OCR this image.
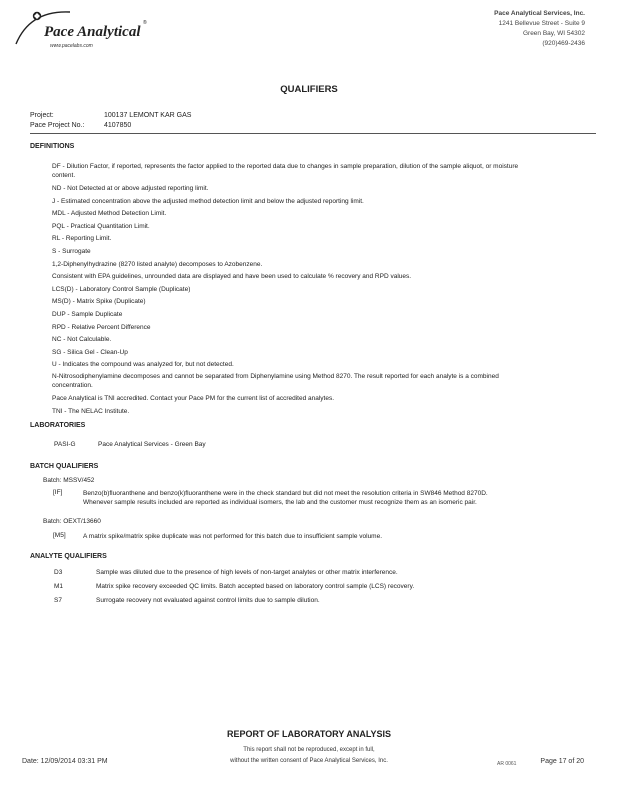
Pace Analytical
®
www.pacelabs.com
Pace Analytical Services, Inc.
1241 Bellevue Street - Suite 9
Green Bay, WI 54302
(920)469-2436
QUALIFIERS
Project:	100137 LEMONT KAR GAS
Pace Project No.:	4107850
DEFINITIONS
DF - Dilution Factor, if reported, represents the factor applied to the reported data due to changes in sample preparation, dilution of the sample aliquot, or moisture content.
ND - Not Detected at or above adjusted reporting limit.
J - Estimated concentration above the adjusted method detection limit and below the adjusted reporting limit.
MDL - Adjusted Method Detection Limit.
PQL - Practical Quantitation Limit.
RL - Reporting Limit.
S - Surrogate
1,2-Diphenylhydrazine (8270 listed analyte) decomposes to Azobenzene.
Consistent with EPA guidelines, unrounded data are displayed and have been used to calculate % recovery and RPD values.
LCS(D) - Laboratory Control Sample (Duplicate)
MS(D) - Matrix Spike (Duplicate)
DUP - Sample Duplicate
RPD - Relative Percent Difference
NC - Not Calculable.
SG - Silica Gel - Clean-Up
U - Indicates the compound was analyzed for, but not detected.
N-Nitrosodiphenylamine decomposes and cannot be separated from Diphenylamine using Method 8270. The result reported for each analyte is a combined concentration.
Pace Analytical is TNI accredited. Contact your Pace PM for the current list of accredited analytes.
TNI - The NELAC Institute.
LABORATORIES
PASI-G	Pace Analytical Services - Green Bay
BATCH QUALIFIERS
Batch: MSSV/452
[IF]	Benzo(b)fluoranthene and benzo(k)fluoranthene were in the check standard but did not meet the resolution criteria in SW846 Method 8270D. Whenever sample results included are reported as individual isomers, the lab and the customer must recognize them as an isomeric pair.
Batch: OEXT/13660
[M5]	A matrix spike/matrix spike duplicate was not performed for this batch due to insufficient sample volume.
ANALYTE QUALIFIERS
D3	Sample was diluted due to the presence of high levels of non-target analytes or other matrix interference.
M1	Matrix spike recovery exceeded QC limits. Batch accepted based on laboratory control sample (LCS) recovery.
S7	Surrogate recovery not evaluated against control limits due to sample dilution.
REPORT OF LABORATORY ANALYSIS
This report shall not be reproduced, except in full,
without the written consent of Pace Analytical Services, Inc.
Date: 12/09/2014 03:31 PM	AR 0061	Page 17 of 20
